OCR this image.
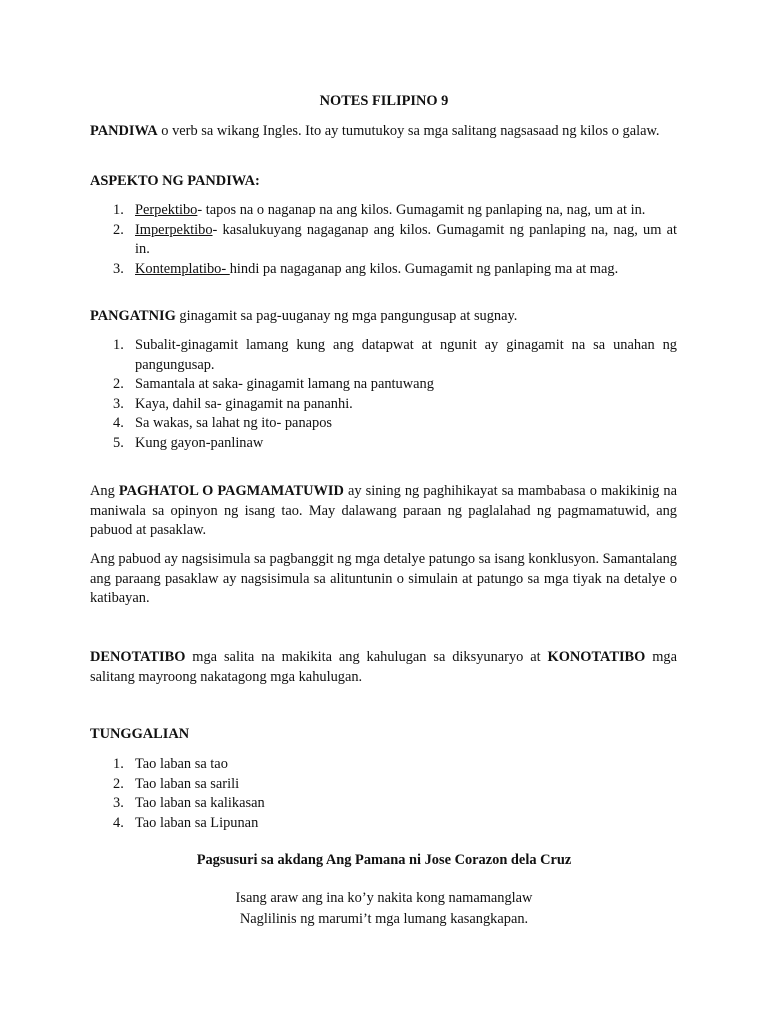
NOTES FILIPINO 9

PANDIWA o verb sa wikang Ingles. Ito ay tumutukoy sa mga salitang nagsasaad ng kilos o galaw.

ASPEKTO NG PANDIWA:

1. Perpektibo- tapos na o naganap na ang kilos. Gumagamit ng panlaping na, nag, um at in.
2. Imperpektibo- kasalukuyang nagaganap ang kilos. Gumagamit ng panlaping na, nag, um at in.
3. Kontemplatibo- hindi pa nagaganap ang kilos. Gumagamit ng panlaping ma at mag.

PANGATNIG ginagamit sa pag-uuganay ng mga pangungusap at sugnay.

1. Subalit-ginagamit lamang kung ang datapwat at ngunit ay ginagamit na sa unahan ng pangungusap.
2. Samantala at saka- ginagamit lamang na pantuwang
3. Kaya, dahil sa- ginagamit na pananhi.
4. Sa wakas, sa lahat ng ito- panapos
5. Kung gayon-panlinaw

Ang PAGHATOL O PAGMAMATUWID ay sining ng paghihikayat sa mambabasa o makikinig na maniwala sa opinyon ng isang tao. May dalawang paraan ng paglalahad ng pagmamatuwid, ang pabuod at pasaklaw.

Ang pabuod ay nagsisimula sa pagbanggit ng mga detalye patungo sa isang konklusyon. Samantalang ang paraang pasaklaw ay nagsisimula sa alituntunin o simulain at patungo sa mga tiyak na detalye o katibayan.

DENOTATIBO mga salita na makikita ang kahulugan sa diksyunaryo at KONOTATIBO mga salitang mayroong nakatagong mga kahulugan.

TUNGGALIAN

1. Tao laban sa tao
2. Tao laban sa sarili
3. Tao laban sa kalikasan
4. Tao laban sa Lipunan
Pagsusuri sa akdang Ang Pamana ni Jose Corazon dela Cruz
Isang araw ang ina ko’y nakita kong namamanglaw
Naglilinis ng marumi’t mga lumang kasangkapan.
